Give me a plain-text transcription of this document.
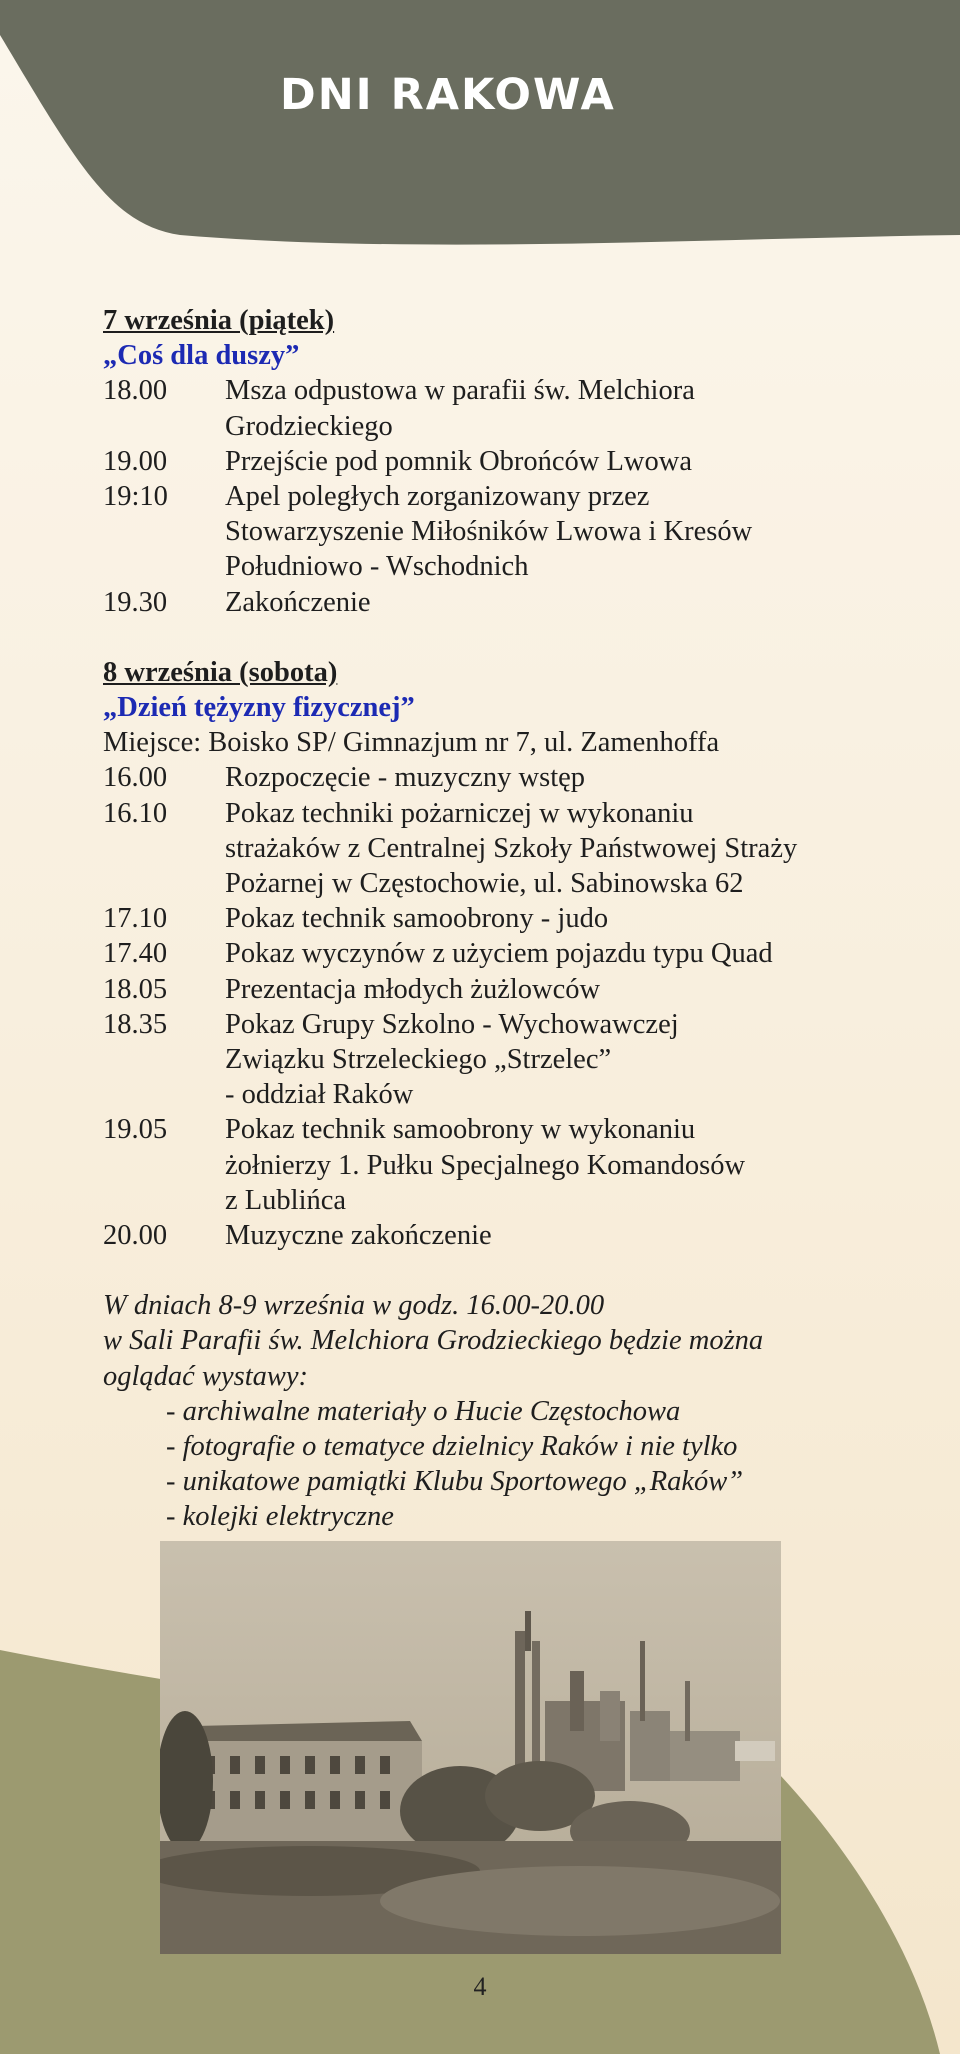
DNI RAKOWA
7 września (piątek)
„Coś dla duszy”
18.00	Msza odpustowa w parafii św. Melchiora
Grodzieckiego
19.00	Przejście pod pomnik Obrońców Lwowa
19:10	Apel poległych zorganizowany przez
Stowarzyszenie Miłośników Lwowa i Kresów
Południowo - Wschodnich
19.30	Zakończenie
8 września (sobota)
„Dzień tężyzny fizycznej”
Miejsce: Boisko SP/ Gimnazjum nr 7, ul. Zamenhoffa
16.00	Rozpoczęcie - muzyczny wstęp
16.10	Pokaz techniki pożarniczej w wykonaniu
strażaków z Centralnej Szkoły Państwowej Straży
Pożarnej w Częstochowie, ul. Sabinowska 62
17.10	Pokaz technik samoobrony - judo
17.40	Pokaz wyczynów z użyciem pojazdu typu Quad
18.05	Prezentacja młodych żużlowców
18.35	Pokaz Grupy Szkolno - Wychowawczej
Związku Strzeleckiego „Strzelec”
- oddział Raków
19.05	Pokaz technik samoobrony w wykonaniu
żołnierzy 1. Pułku Specjalnego Komandosów
z Lublińca
20.00	Muzyczne zakończenie
W dniach 8-9 września w godz. 16.00-20.00
w Sali Parafii św. Melchiora Grodzieckiego będzie można
oglądać wystawy:
- archiwalne materiały o Hucie Częstochowa
- fotografie o tematyce dzielnicy Raków i nie tylko
- unikatowe pamiątki Klubu Sportowego „Raków”
- kolejki elektryczne
4
